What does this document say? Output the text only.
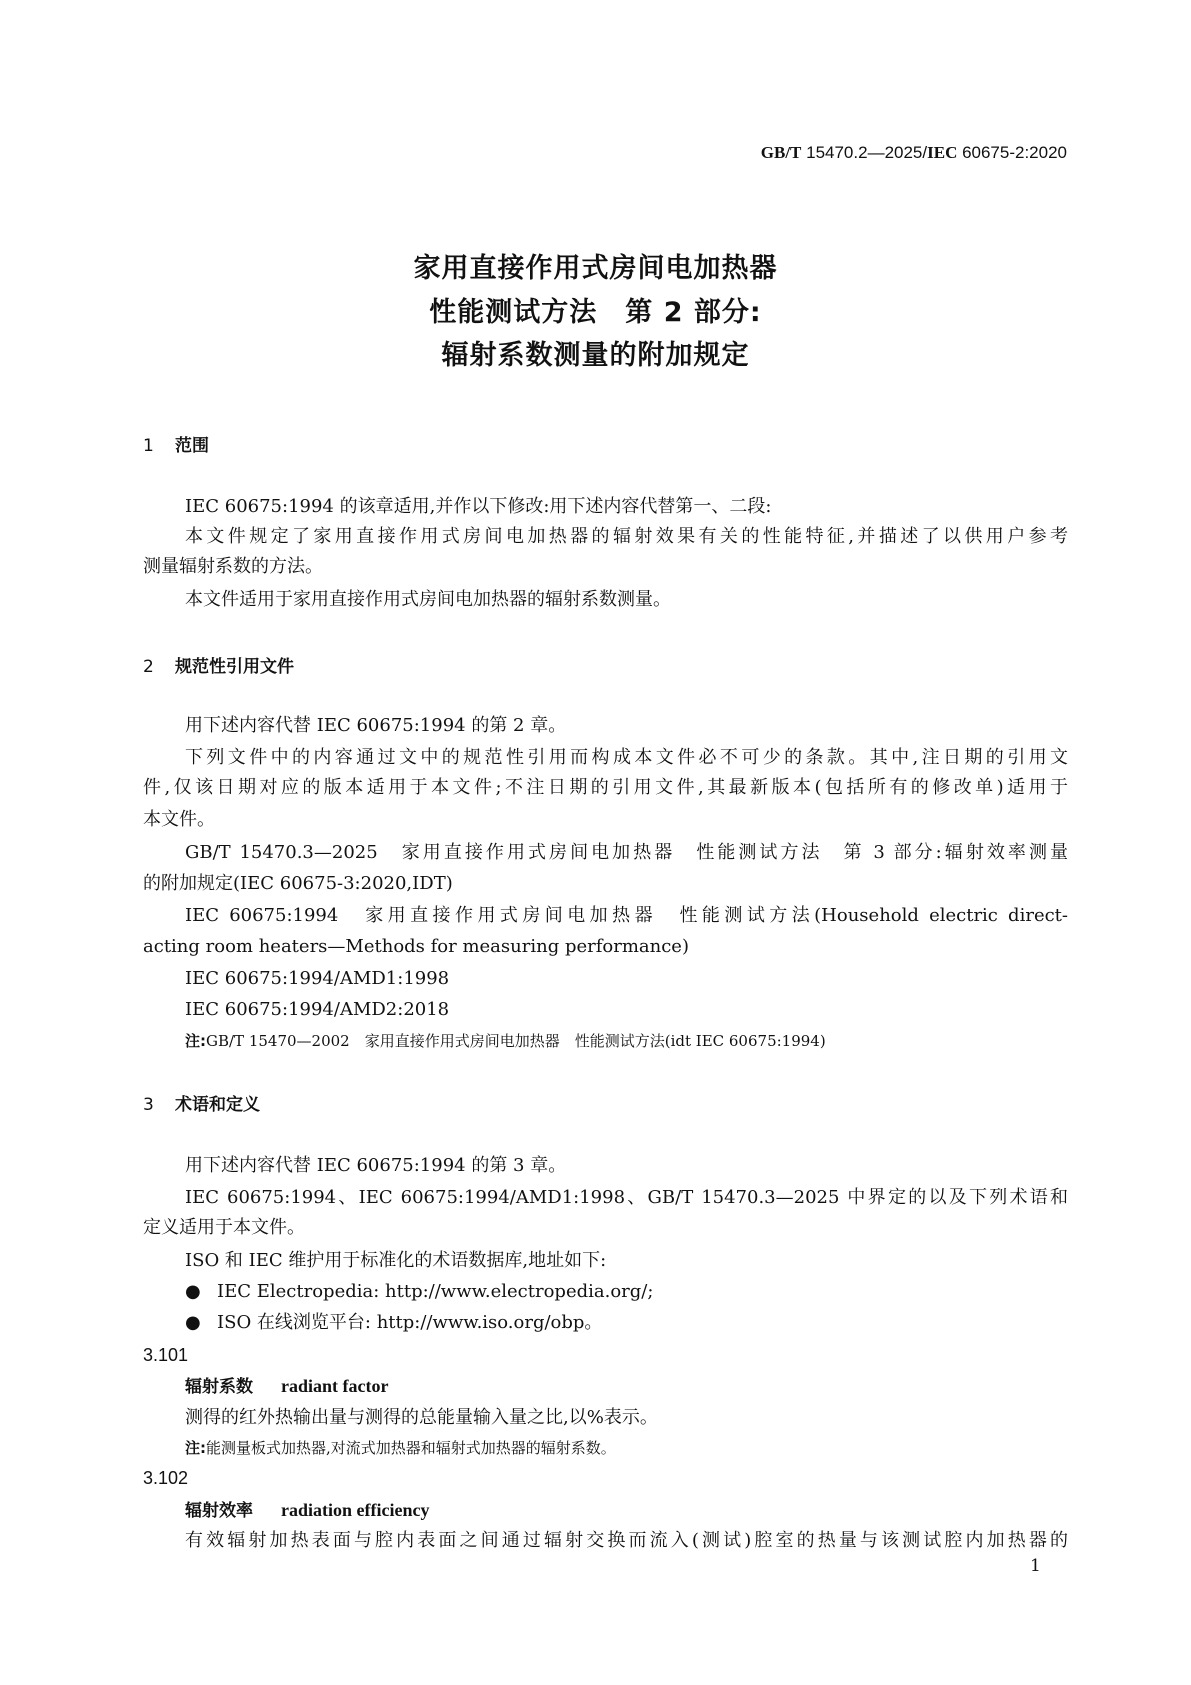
GB/T 15470.2—2025/IEC 60675-2:2020
家用直接作用式房间电加热器
性能测试方法　第 2 部分:
辐射系数测量的附加规定
1 范围
IEC 60675:1994 的该章适用,并作以下修改:用下述内容代替第一、二段:
本文件规定了家用直接作用式房间电加热器的辐射效果有关的性能特征,并描述了以供用户参考
测量辐射系数的方法。
本文件适用于家用直接作用式房间电加热器的辐射系数测量。
2 规范性引用文件
用下述内容代替 IEC 60675:1994 的第 2 章。
下列文件中的内容通过文中的规范性引用而构成本文件必不可少的条款。其中,注日期的引用文
件,仅该日期对应的版本适用于本文件;不注日期的引用文件,其最新版本(包括所有的修改单)适用于
本文件。
GB/T 15470.3—2025　家用直接作用式房间电加热器　性能测试方法　第 3 部分:辐射效率测量
的附加规定(IEC 60675-3:2020,IDT)
IEC 60675:1994　家用直接作用式房间电加热器　性能测试方法(Household electric direct-
acting room heaters—Methods for measuring performance)
IEC 60675:1994/AMD1:1998
IEC 60675:1994/AMD2:2018
注:GB/T 15470—2002　家用直接作用式房间电加热器　性能测试方法(idt IEC 60675:1994)
3 术语和定义
用下述内容代替 IEC 60675:1994 的第 3 章。
IEC 60675:1994、IEC 60675:1994/AMD1:1998、GB/T 15470.3—2025 中界定的以及下列术语和
定义适用于本文件。
ISO 和 IEC 维护用于标准化的术语数据库,地址如下:
● IEC Electropedia: http://www.electropedia.org/;
● ISO 在线浏览平台: http://www.iso.org/obp。
3.101
辐射系数 radiant factor
测得的红外热输出量与测得的总能量输入量之比,以%表示。
注:能测量板式加热器,对流式加热器和辐射式加热器的辐射系数。
3.102
辐射效率 radiation efficiency
有效辐射加热表面与腔内表面之间通过辐射交换而流入(测试)腔室的热量与该测试腔内加热器的
1
